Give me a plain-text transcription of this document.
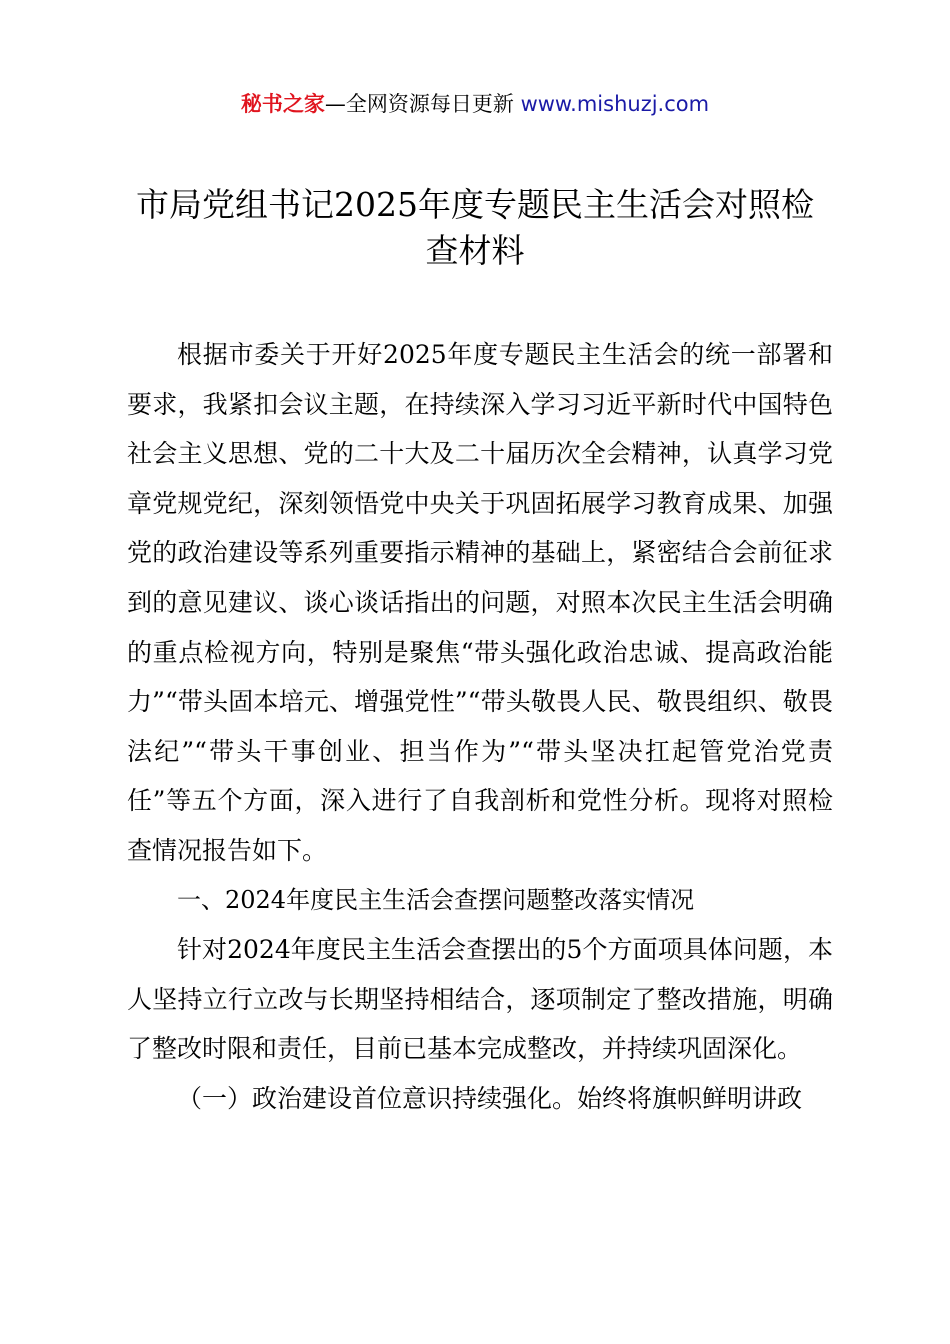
秘书之家—全网资源每日更新 www.mishuzj.com
市局党组书记2025年度专题民主生活会对照检查材料

根据市委关于开好2025年度专题民主生活会的统一部署和要求，我紧扣会议主题，在持续深入学习习近平新时代中国特色社会主义思想、党的二十大及二十届历次全会精神，认真学习党章党规党纪，深刻领悟党中央关于巩固拓展学习教育成果、加强党的政治建设等系列重要指示精神的基础上，紧密结合会前征求到的意见建议、谈心谈话指出的问题，对照本次民主生活会明确的重点检视方向，特别是聚焦“带头强化政治忠诚、提高政治能力”“带头固本培元、增强党性”“带头敬畏人民、敬畏组织、敬畏法纪”“带头干事创业、担当作为”“带头坚决扛起管党治党责任”等五个方面，深入进行了自我剖析和党性分析。现将对照检查情况报告如下。

一、2024年度民主生活会查摆问题整改落实情况

针对2024年度民主生活会查摆出的5个方面项具体问题，本人坚持立行立改与长期坚持相结合，逐项制定了整改措施，明确了整改时限和责任，目前已基本完成整改，并持续巩固深化。

（一）政治建设首位意识持续强化。始终将旗帜鲜明讲政
